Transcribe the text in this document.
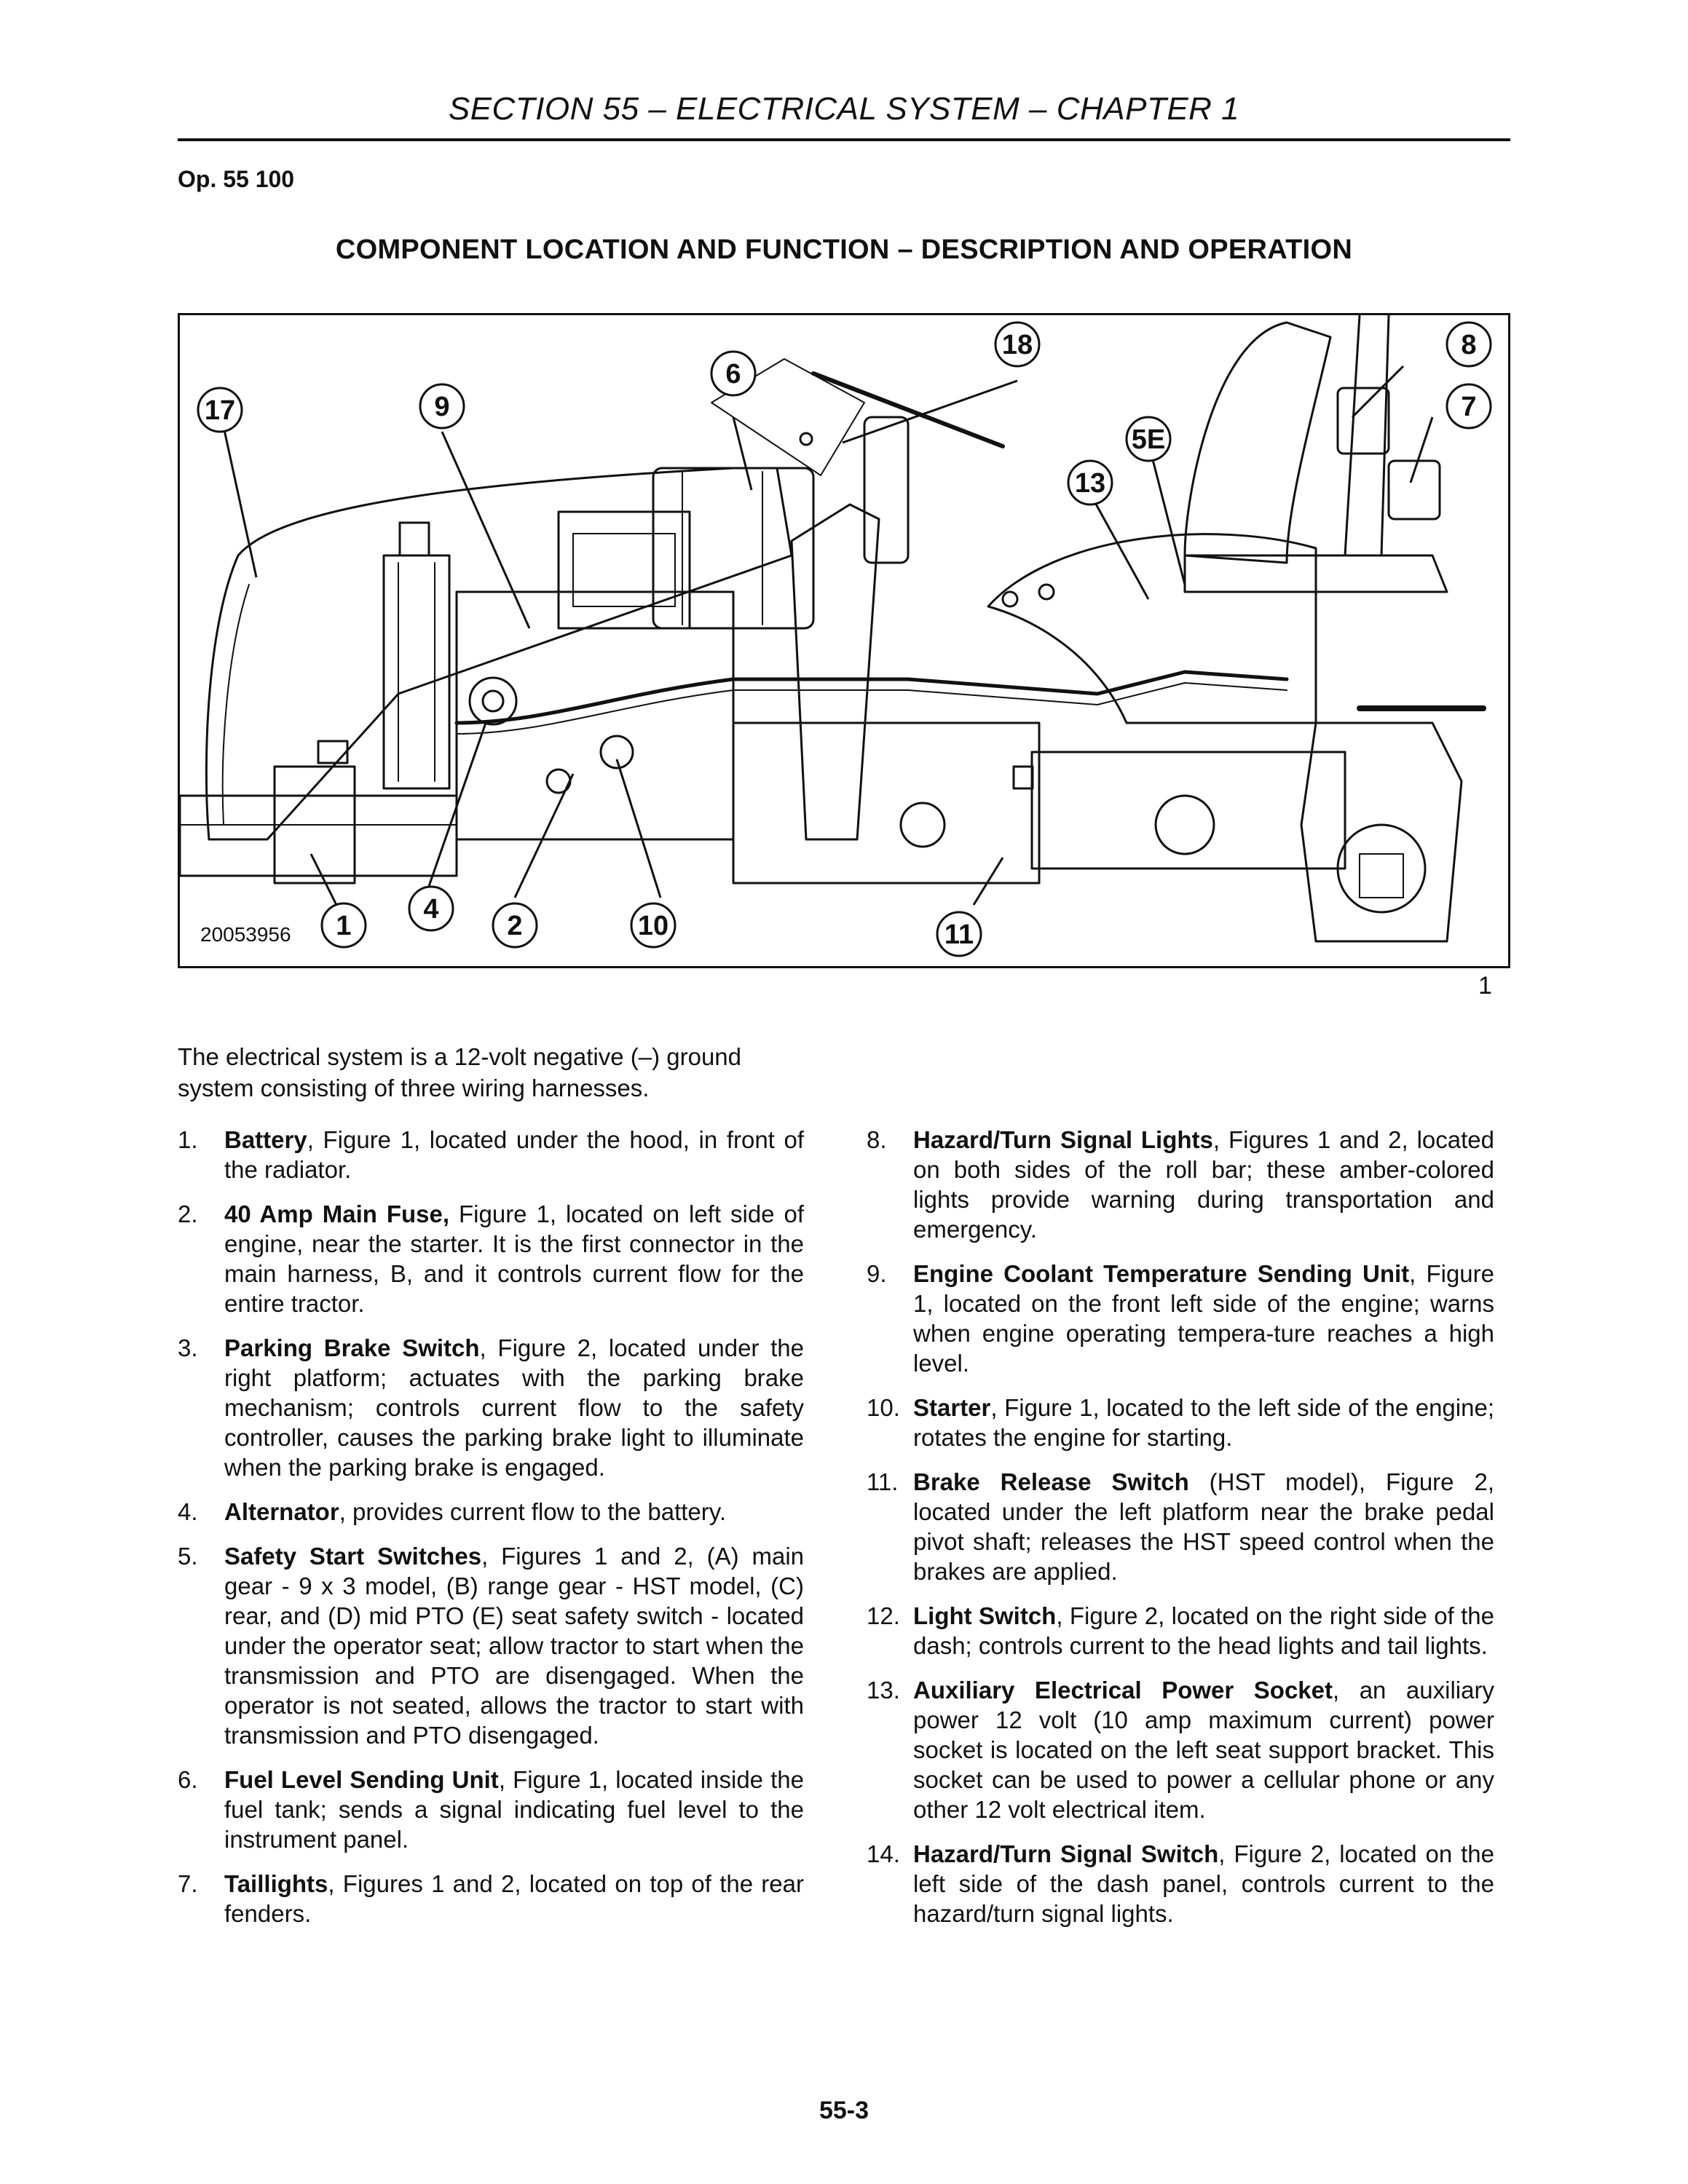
SECTION 55 – ELECTRICAL SYSTEM – CHAPTER 1
Op. 55 100
COMPONENT LOCATION AND FUNCTION – DESCRIPTION AND OPERATION
17	9
6
18
5E
13
8
7
1
4
2	10	11
20053956
1
The electrical system is a 12-volt negative (–) ground system consisting of three wiring harnesses.
1.	Battery, Figure 1, located under the hood, in front of the radiator.
2.	40 Amp Main Fuse, Figure 1, located on left side of engine, near the starter. It is the first connector in the main harness, B, and it controls current flow for the entire tractor.
3.	Parking Brake Switch, Figure 2, located under the right platform; actuates with the parking brake mechanism; controls current flow to the safety controller, causes the parking brake light to illuminate when the parking brake is engaged.
4.	Alternator, provides current flow to the battery.
5.	Safety Start Switches, Figures 1 and 2, (A) main gear - 9 x 3 model, (B) range gear - HST model, (C) rear, and (D) mid PTO (E) seat safety switch - located under the operator seat; allow tractor to start when the transmission and PTO are disengaged. When the operator is not seated, allows the tractor to start with transmission and PTO disengaged.
6.	Fuel Level Sending Unit, Figure 1, located inside the fuel tank; sends a signal indicating fuel level to the instrument panel.
7.	Taillights, Figures 1 and 2, located on top of the rear fenders.
8.	Hazard/Turn Signal Lights, Figures 1 and 2, located on both sides of the roll bar; these amber-colored lights provide warning during transportation and emergency.
9.	Engine Coolant Temperature Sending Unit, Figure 1, located on the front left side of the engine; warns when engine operating tempera-ture reaches a high level.
10. Starter, Figure 1, located to the left side of the engine; rotates the engine for starting.
11. Brake Release Switch (HST model), Figure 2, located under the left platform near the brake pedal pivot shaft; releases the HST speed control when the brakes are applied.
12. Light Switch, Figure 2, located on the right side of the dash; controls current to the head lights and tail lights.
13. Auxiliary Electrical Power Socket, an auxiliary power 12 volt (10 amp maximum current) power socket is located on the left seat support bracket. This socket can be used to power a cellular phone or any other 12 volt electrical item.
14. Hazard/Turn Signal Switch, Figure 2, located on the left side of the dash panel, controls current to the hazard/turn signal lights.
55-3
